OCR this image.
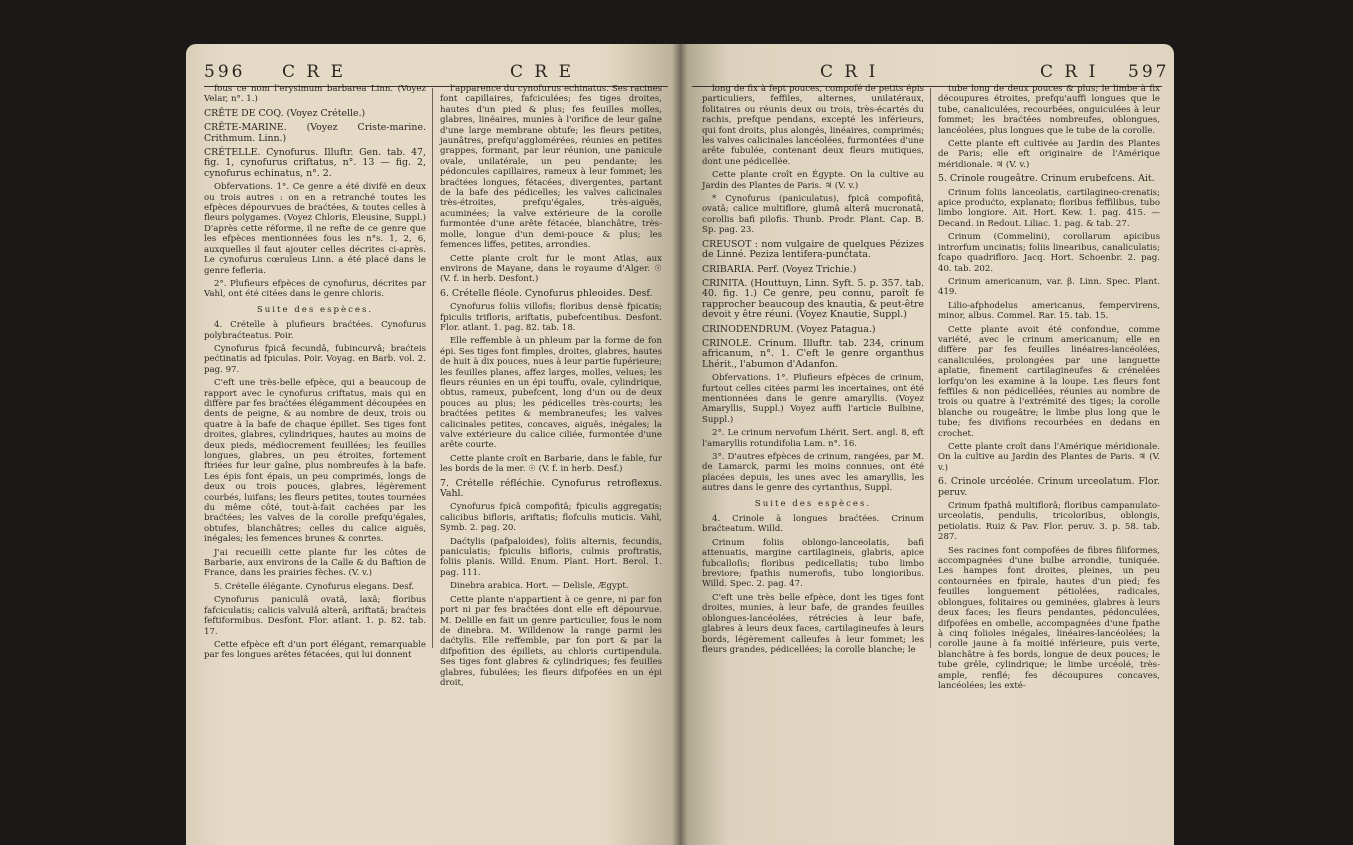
596 C R E	C R E

fous ce nom l'erysimum barbarea Linn. (Voyez Velar, n°. 1.)

CRÊTE DE COQ. (Voyez Crételle.)

CRÊTE-MARINE. (Voyez Criste-marine. Crithmum. Linn.)

CRÉTELLE. Cynofurus. Illuftr. Gen. tab. 47, fig. 1, cynofurus criftatus, n°. 13 — fig. 2, cynofurus echinatus, n°. 2.

Obfervations. 1°. Ce genre a été divifé en deux ou trois autres : on en a retranché toutes les efpèces dépourvues de braćtées, & toutes celles à fleurs polygames. (Voyez Chloris, Eleusine, Suppl.) D'après cette réforme, il ne refte de ce genre que les efpèces mentionnées fous les n°s. 1, 2, 6, auxquelles il faut ajouter celles décrites ci-après. Le cynofurus cœruleus Linn. a été placé dans le genre fefleria.

2°. Plufieurs efpèces de cynofurus, décrites par Vahl, ont été citées dans le genre chloris.

Suite des espèces.

4. Crételle à plufieurs braćtées. Cynofurus polybraćteatus. Poir.

Cynofurus fpicâ fecundâ, fubincurvâ; braćteis pećtinatis ad fpiculas. Poir. Voyag. en Barb. vol. 2. pag. 97.

C'eft une très-belle efpèce, qui a beaucoup de rapport avec le cynofurus criftatus, mais qui en diffère par fes braćtées élégamment découpées en dents de peigne, & au nombre de deux, trois ou quatre à la bafe de chaque épillet. Ses tiges font droites, glabres, cylindriques, hautes au moins de deux pieds, médiocrement feuillées; les feuilles longues, glabres, un peu étroites, fortement ftriées fur leur gaîne, plus nombreufes à la bafe. Les épis font épais, un peu comprimés, longs de deux ou trois pouces, glabres, légèrement courbés, luifans; les fleurs petites, toutes tournées du même côté, tout-à-fait cachées par les braćtées; les valves de la corolle prefqu'égales, obtufes, blanchâtres; celles du calice aiguës, inégales; les femences brunes & conrtes.

J'ai recueilli cette plante fur les côtes de Barbarie, aux environs de la Calle & du Baftion de France, dans les prairies fèches. (V. v.)

5. Crételle élégante. Cynofurus elegans. Desf.

Cynofurus paniculâ ovatâ, laxâ; floribus fafciculatis; calicis valvulâ alterâ, ariftatâ; braćteis feftiformibus. Desfont. Flor. atlant. 1. p. 82. tab. 17.

Cette efpèce eft d'un port élégant, remarquable par fes longues arêtes fétacées, qui lui donnent

l'apparence du cynofurus echinatus. Ses racines font capillaires, fafciculées; fes tiges droites, hautes d'un pied & plus; fes feuilles molles, glabres, linéaires, munies à l'orifice de leur gaîne d'une large membrane obtufe; les fleurs petites, jaunâtres, prefqu'agglomérées, réunies en petites grappes, formant, par leur réunion, une panicule ovale, unilatérale, un peu pendante; les pédoncules capillaires, rameux à leur fommet; les braćtées longues, fétacées, divergentes, partant de la bafe des pédicelles; les valves calicinales très-étroites, prefqu'égales, très-aiguës, acuminées; la valve extérieure de la corolle furmontée d'une arête fétacée, blanchâtre, très-molle, longue d'un demi-pouce & plus; les femences liffes, petites, arrondies.

Cette plante croît fur le mont Atlas, aux environs de Mayane, dans le royaume d'Alger. ☉ (V. f. in herb. Desfont.)

6. Crételle fléole. Cynofurus phleoides. Desf.

Cynofurus foliis villofis; floribus densè fpicatis; fpiculis trifloris, ariftatis, pubefcentibus. Desfont. Flor. atlant. 1. pag. 82. tab. 18.

Elle reffemble à un phleum par la forme de fon épi. Ses tiges font fimples, droites, glabres, hautes de huit à dix pouces, nues à leur partie fupérieure; les feuilles planes, affez larges, molles, velues; les fleurs réunies en un épi touffu, ovale, cylindrique, obtus, rameux, pubefcent, long d'un ou de deux pouces au plus; les pédicelles très-courts; les braćtées petites & membraneufes; les valves calicinales petites, concaves, aiguës, inégales; la valve extérieure du calice ciliée, furmontée d'une arête courte.

Cette plante croît en Barbarie, dans le fable, fur les bords de la mer. ☉ (V. f. in herb. Desf.)

7. Crételle réfléchie. Cynofurus retroflexus. Vahl.

Cynofurus fpicâ compofitâ; fpiculis aggregatis; calicibus bifloris, ariftatis; flofculis muticis. Vahl, Symb. 2. pag. 20.

Daćtylis (pafpaloides), foliis alternis, fecundis, paniculatis; fpiculis bifloris, culmis proftratis, foliis planis. Willd. Enum. Plant. Hort. Berol. 1. pag. 111.

Dinebra arabica. Hort. — Delisle, Ægypt.

Cette plante n'appartient à ce genre, ni par fon port ni par fes braćtées dont elle eft dépourvue. M. Delille en fait un genre particulier, fous le nom de dinebra. M. Willdenow la range parmi les daćtylis. Elle reffemble, par fon port & par la difpofition des épillets, au chloris curtipendula. Ses tiges font glabres & cylindriques; fes feuilles glabres, fubulées; les fleurs difpofées en un épi droit,

C R I	C R I 597

long de fix à fept pouces, compofé de petits épis particuliers, feffiles, alternes, unilatéraux, folitaires ou réunis deux ou trois, très-écartés du rachis, prefque pendans, excepté les inférieurs, qui font droits, plus alongés, linéaires, comprimés; les valves calicinales lancéolées, furmontées d'une arête fubulée, contenant deux fleurs mutiques, dont une pédicellée.

Cette plante croît en Égypte. On la cultive au Jardin des Plantes de Paris. ♃ (V. v.)

* Cynofurus (paniculatus), fpicâ compofitâ, ovatâ; calice multiflore, glumâ alterâ mucronatâ, corollis bafi pilofis. Thunb. Prodr. Plant. Cap. B. Sp. pag. 23.

CREUSOT : nom vulgaire de quelques Pézizes de Linné. Peziza lentifera-punćtata.

CRIBARIA. Perf. (Voyez Trichie.)

CRINITA. (Houttuyn, Linn. Syft. 5. p. 357. tab. 40. fig. 1.) Ce genre, peu connu, paroît fe rapprocher beaucoup des knautia, & peut-être devoit y être réuni. (Voyez Knautie, Suppl.)

CRINODENDRUM. (Voyez Patagua.)

CRINOLE. Crinum. Illuftr. tab. 234, crinum africanum, n°. 1. C'eft le genre organthus Lhérit., l'abumon d'Adanfon.

Obfervations. 1°. Plufieurs efpèces de crinum, furtout celles citées parmi les incertaines, ont été mentionnées dans le genre amaryllis. (Voyez Amaryllis, Suppl.) Voyez auffi l'article Bulbine, Suppl.)

2°. Le crinum nervofum Lhérit. Sert. angl. 8, eft l'amaryllis rotundifolia Lam. n°. 16.

3°. D'autres efpèces de crinum, rangées, par M. de Lamarck, parmi les moins connues, ont été placées depuis, les unes avec les amaryllis, les autres dans le genre des cyrtanthus, Suppl.

Suite des espèces.

4. Crinole à longues braćtées. Crinum braćteatum. Willd.

Crinum foliis oblongo-lanceolatis, bafi attenuatis, margine cartilagineis, glabris, apice fubcalloſis; floribus pedicellatis; tubo limbo breviore; fpathis numerofis, tubo longioribus. Willd. Spec. 2. pag. 47.

C'eft une très belle efpèce, dont les tiges font droites, munies, à leur bafe, de grandes feuilles oblongues-lancéolées, rétrécies à leur bafe, glabres à leurs deux faces, cartilagineufes à leurs bords, légèrement calleufes à leur fommet; les fleurs grandes, pédicellées; la corolle blanche; le

tube long de deux pouces & plus; le limbe à fix découpures étroites, prefqu'auffi longues que le tube, canaliculées, recourbées, onguiculées à leur fommet; les braćtées nombreufes, oblongues, lancéolées, plus longues que le tube de la corolle.

Cette plante eft cultivée au Jardin des Plantes de Paris; elle eft originaire de l'Amérique méridionale. ♃ (V. v.)

5. Crinole rougeâtre. Crinum erubefcens. Ait.

Crinum foliis lanceolatis, cartilagineo-crenatis; apice produćto, explanato; floribus feffilibus, tubo limbo longiore. Ait. Hort. Kew. 1. pag. 415. — Decand. in Redout. Liliac. 1. pag. & tab. 27.

Crinum (Commelini), corollarum apicibus introrfum uncinatis; foliis linearibus, canaliculatis; fcapo quadrifloro. Jacq. Hort. Schoenbr. 2. pag. 40. tab. 202.

Crinum americanum, var. β. Linn. Spec. Plant. 419.

Lilio-afphodelus americanus, fempervirens, minor, albus. Commel. Rar. 15. tab. 15.

Cette plante avoit été confondue, comme variété, avec le crinum americanum; elle en diffère par fes feuilles linéaires-lancéolées, canaliculées, prolongées par une languette aplatie, finement cartilagineufes & crénelées lorfqu'on les examine à la loupe. Les fleurs font feffiles & non pédicellées, réunies au nombre de trois ou quatre à l'extrémité des tiges; la corolle blanche ou rougeâtre; le limbe plus long que le tube; fes divifions recourbées en dedans en crochet.

Cette plante croît dans l'Amérique méridionale. On la cultive au Jardin des Plantes de Paris. ♃ (V. v.)

6. Crinole urcéolée. Crinum urceolatum. Flor. peruv.

Crinum fpathâ multiflorâ; floribus campanulato-urceolatis, pendulis, tricoloribus, oblongis, petiolatis. Ruiz & Pav. Flor. peruv. 3. p. 58. tab. 287.

Ses racines font compofées de fibres filiformes, accompagnées d'une bulbe arrondie, tuniquée. Les hampes font droites, pleines, un peu contournées en fpirale, hautes d'un pied; fes feuilles longuement pétiolées, radicales, oblongues, folitaires ou geminées, glabres à leurs deux faces; les fleurs pendantes, pédonculées, difpofées en ombelle, accompagnées d'une fpathe à cinq folioles inégales, linéaires-lancéolées; la corolle jaune à fa moitié inférieure, puis verte, blanchâtre à fes bords, longue de deux pouces; le tube grêle, cylindrique; le limbe urcéolé, très-ample, renflé; fes découpures concaves, lancéolées; les exté-
